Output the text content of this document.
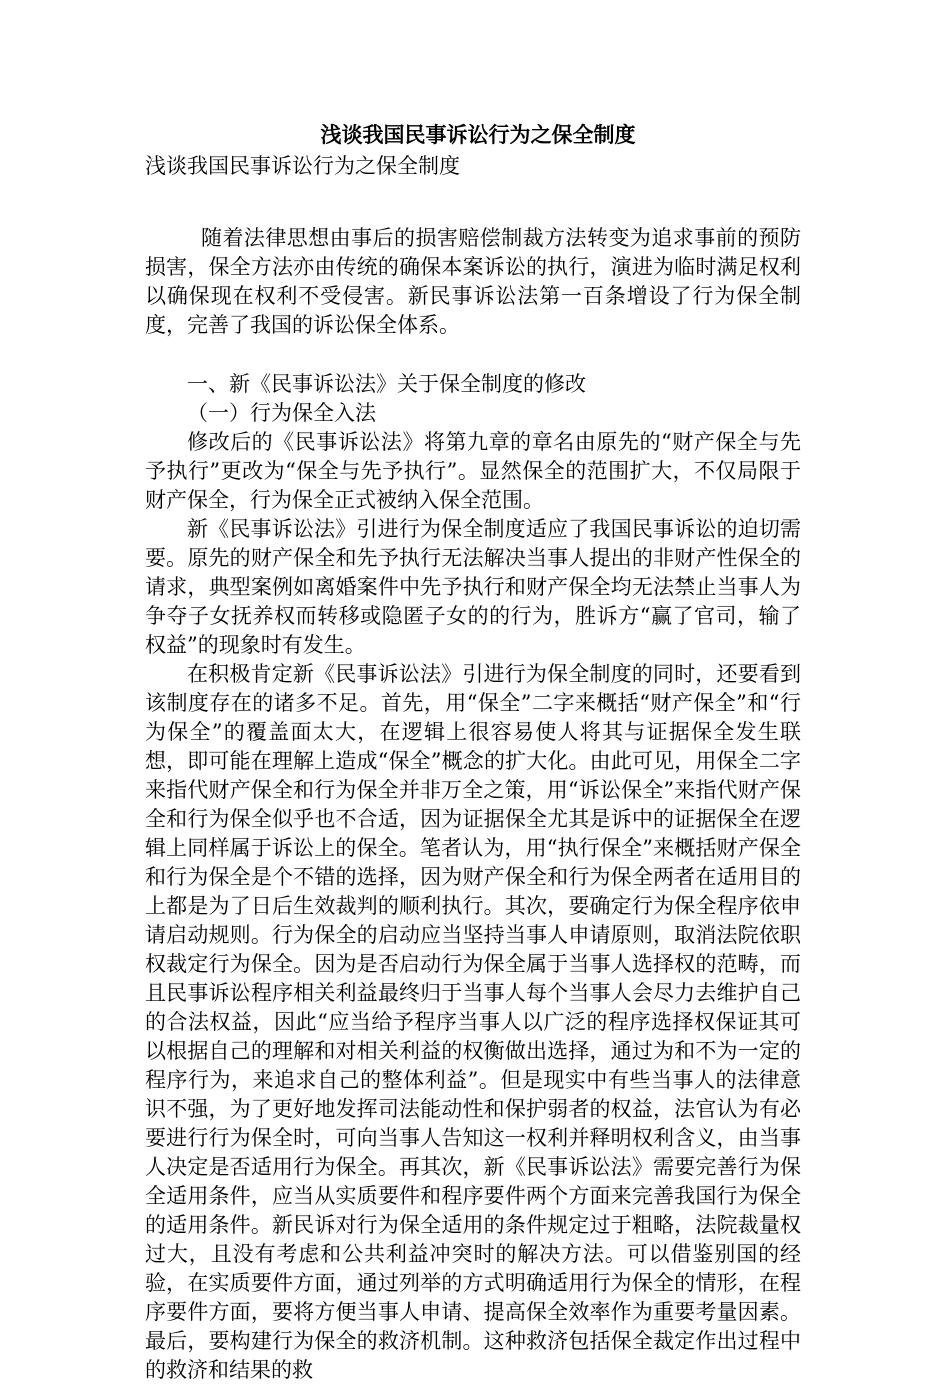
浅谈我国民事诉讼行为之保全制度
浅谈我国民事诉讼行为之保全制度

随着法律思想由事后的损害赔偿制裁方法转变为追求事前的预防损害，保全方法亦由传统的确保本案诉讼的执行，演进为临时满足权利以确保现在权利不受侵害。新民事诉讼法第一百条增设了行为保全制度，完善了我国的诉讼保全体系。

一、新《民事诉讼法》关于保全制度的修改
（一）行为保全入法

修改后的《民事诉讼法》将第九章的章名由原先的“财产保全与先予执行”更改为“保全与先予执行”。显然保全的范围扩大，不仅局限于财产保全，行为保全正式被纳入保全范围。

新《民事诉讼法》引进行为保全制度适应了我国民事诉讼的迫切需要。原先的财产保全和先予执行无法解决当事人提出的非财产性保全的请求，典型案例如离婚案件中先予执行和财产保全均无法禁止当事人为争夺子女抚养权而转移或隐匿子女的的行为，胜诉方“赢了官司，输了权益”的现象时有发生。

在积极肯定新《民事诉讼法》引进行为保全制度的同时，还要看到该制度存在的诸多不足。首先，用“保全”二字来概括“财产保全”和“行为保全”的覆盖面太大，在逻辑上很容易使人将其与证据保全发生联想，即可能在理解上造成“保全”概念的扩大化。由此可见，用保全二字来指代财产保全和行为保全并非万全之策，用“诉讼保全”来指代财产保全和行为保全似乎也不合适，因为证据保全尤其是诉中的证据保全在逻辑上同样属于诉讼上的保全。笔者认为，用“执行保全”来概括财产保全和行为保全是个不错的选择，因为财产保全和行为保全两者在适用目的上都是为了日后生效裁判的顺利执行。其次，要确定行为保全程序依申请启动规则。行为保全的启动应当坚持当事人申请原则，取消法院依职权裁定行为保全。因为是否启动行为保全属于当事人选择权的范畴，而且民事诉讼程序相关利益最终归于当事人每个当事人会尽力去维护自己的合法权益，因此“应当给予程序当事人以广泛的程序选择权保证其可以根据自己的理解和对相关利益的权衡做出选择，通过为和不为一定的程序行为，来追求自己的整体利益”。但是现实中有些当事人的法律意识不强，为了更好地发挥司法能动性和保护弱者的权益，法官认为有必要进行行为保全时，可向当事人告知这一权利并释明权利含义，由当事人决定是否适用行为保全。再其次，新《民事诉讼法》需要完善行为保全适用条件，应当从实质要件和程序要件两个方面来完善我国行为保全的适用条件。新民诉对行为保全适用的条件规定过于粗略，法院裁量权过大，且没有考虑和公共利益冲突时的解决方法。可以借鉴别国的经验，在实质要件方面，通过列举的方式明确适用行为保全的情形，在程序要件方面，要将方便当事人申请、提高保全效率作为重要考量因素。最后，要构建行为保全的救济机制。这种救济包括保全裁定作出过程中的救济和结果的救
